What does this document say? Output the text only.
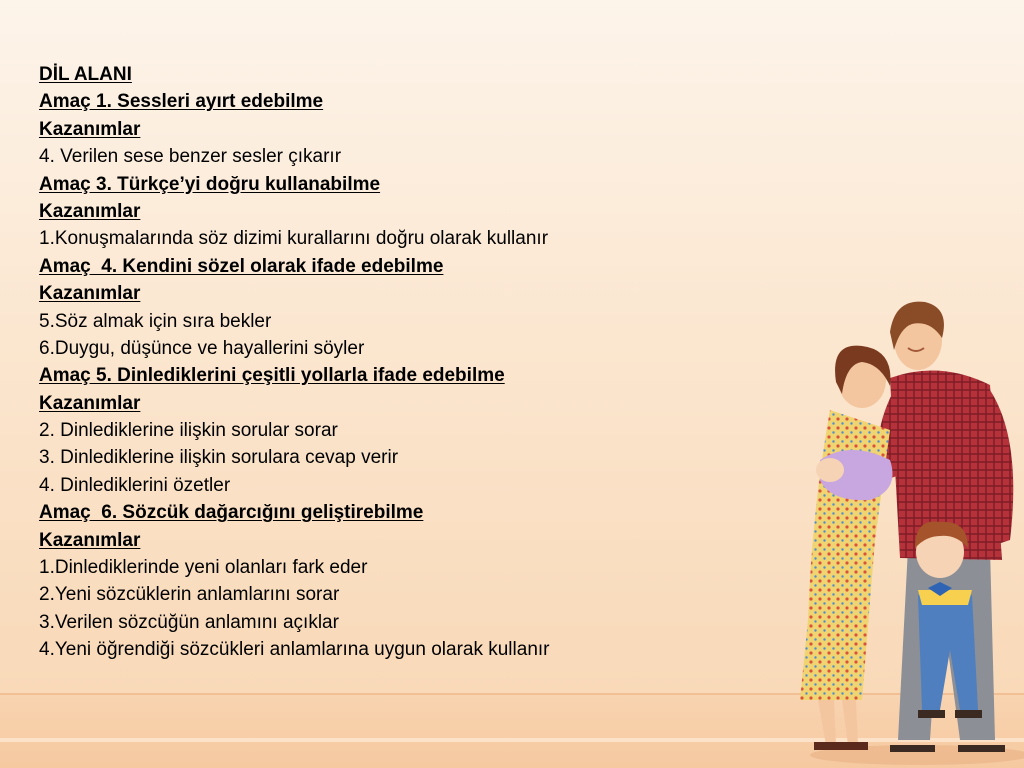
DİL ALANI
Amaç 1. Sessleri ayırt edebilme
Kazanımlar
4. Verilen sese benzer sesler çıkarır
Amaç 3. Türkçe’yi doğru kullanabilme
Kazanımlar
1.Konuşmalarında söz dizimi kurallarını doğru olarak kullanır
Amaç  4. Kendini sözel olarak ifade edebilme
Kazanımlar
5.Söz almak için sıra bekler
6.Duygu, düşünce ve hayallerini söyler
Amaç 5. Dinlediklerini çeşitli yollarla ifade edebilme
Kazanımlar
2. Dinlediklerine ilişkin sorular sorar
3. Dinlediklerine ilişkin sorulara cevap verir
4. Dinlediklerini özetler
Amaç  6. Sözcük dağarcığını geliştirebilme
Kazanımlar
1.Dinlediklerinde yeni olanları fark eder
2.Yeni sözcüklerin anlamlarını sorar
3.Verilen sözcüğün anlamını açıklar
4.Yeni öğrendiği sözcükleri anlamlarına uygun olarak kullanır
